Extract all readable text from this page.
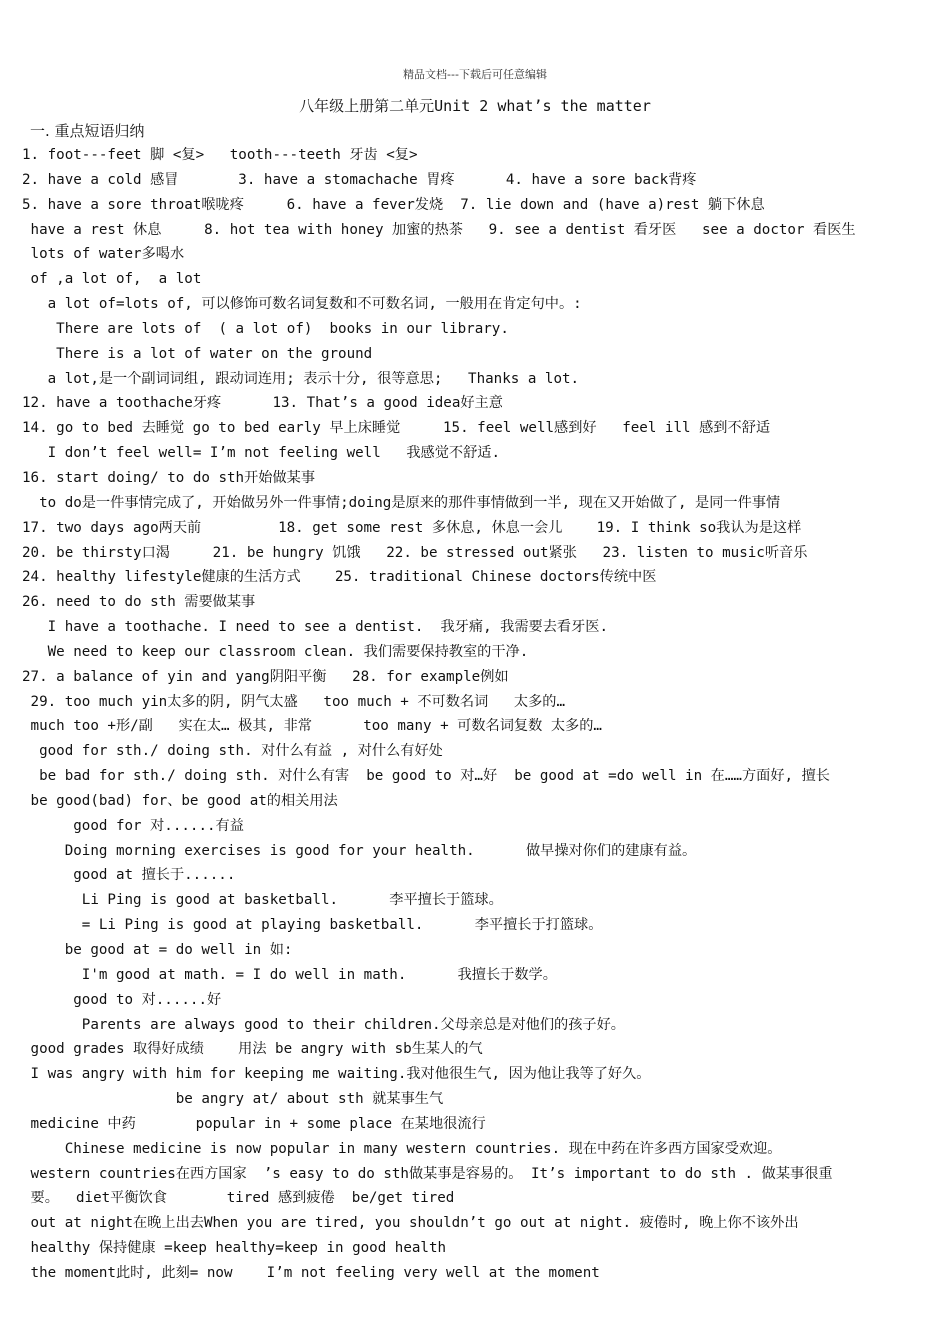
精品文档---下载后可任意编辑
八年级上册第二单元Unit 2 what’s the matter
一. 重点短语归纳
1. foot---feet 脚 <复>   tooth---teeth 牙齿 <复>
2. have a cold 感冒       3. have a stomachache 胃疼      4. have a sore back背疼
5. have a sore throat喉咙疼     6. have a fever发烧  7. lie down and (have a)rest 躺下休息
have a rest 休息     8. hot tea with honey 加蜜的热茶   9. see a dentist 看牙医   see a doctor 看医生
lots of water多喝水
of ,a lot of,  a lot
a lot of=lots of, 可以修饰可数名词复数和不可数名词, 一般用在肯定句中。:
There are lots of  ( a lot of)  books in our library.
There is a lot of water on the ground
a lot,是一个副词词组, 跟动词连用; 表示十分, 很等意思;   Thanks a lot.
12. have a toothache牙疼      13. That’s a good idea好主意
14. go to bed 去睡觉 go to bed early 早上床睡觉     15. feel well感到好   feel ill 感到不舒适
I don’t feel well= I’m not feeling well   我感觉不舒适.
16. start doing/ to do sth开始做某事
to do是一件事情完成了, 开始做另外一件事情;doing是原来的那件事情做到一半, 现在又开始做了, 是同一件事情
17. two days ago两天前         18. get some rest 多休息, 休息一会儿    19. I think so我认为是这样
20. be thirsty口渴     21. be hungry 饥饿   22. be stressed out紧张   23. listen to music听音乐
24. healthy lifestyle健康的生活方式    25. traditional Chinese doctors传统中医
26. need to do sth 需要做某事
I have a toothache. I need to see a dentist.  我牙痛, 我需要去看牙医.
We need to keep our classroom clean. 我们需要保持教室的干净.
27. a balance of yin and yang阴阳平衡   28. for example例如
29. too much yin太多的阴, 阴气太盛   too much + 不可数名词   太多的…
much too +形/副   实在太… 极其, 非常      too many + 可数名词复数 太多的…
good for sth./ doing sth. 对什么有益 , 对什么有好处
be bad for sth./ doing sth. 对什么有害  be good to 对…好  be good at =do well in 在……方面好, 擅长
be good(bad) for、be good at的相关用法
good for 对......有益
Doing morning exercises is good for your health.      做早操对你们的建康有益。
good at 擅长于......
Li Ping is good at basketball.      李平擅长于篮球。
= Li Ping is good at playing basketball.      李平擅长于打篮球。
be good at = do well in 如:
I'm good at math. = I do well in math.      我擅长于数学。
good to 对......好
Parents are always good to their children.父母亲总是对他们的孩子好。
good grades 取得好成绩    用法 be angry with sb生某人的气
I was angry with him for keeping me waiting.我对他很生气, 因为他让我等了好久。
be angry at/ about sth 就某事生气
medicine 中药       popular in + some place 在某地很流行
Chinese medicine is now popular in many western countries. 现在中药在许多西方国家受欢迎。
western countries在西方国家  ’s easy to do sth做某事是容易的。 It’s important to do sth . 做某事很重
要。  diet平衡饮食       tired 感到疲倦  be/get tired
out at night在晚上出去When you are tired, you shouldn’t go out at night. 疲倦时, 晚上你不该外出
healthy 保持健康 =keep healthy=keep in good health
the moment此时, 此刻= now    I’m not feeling very well at the moment
